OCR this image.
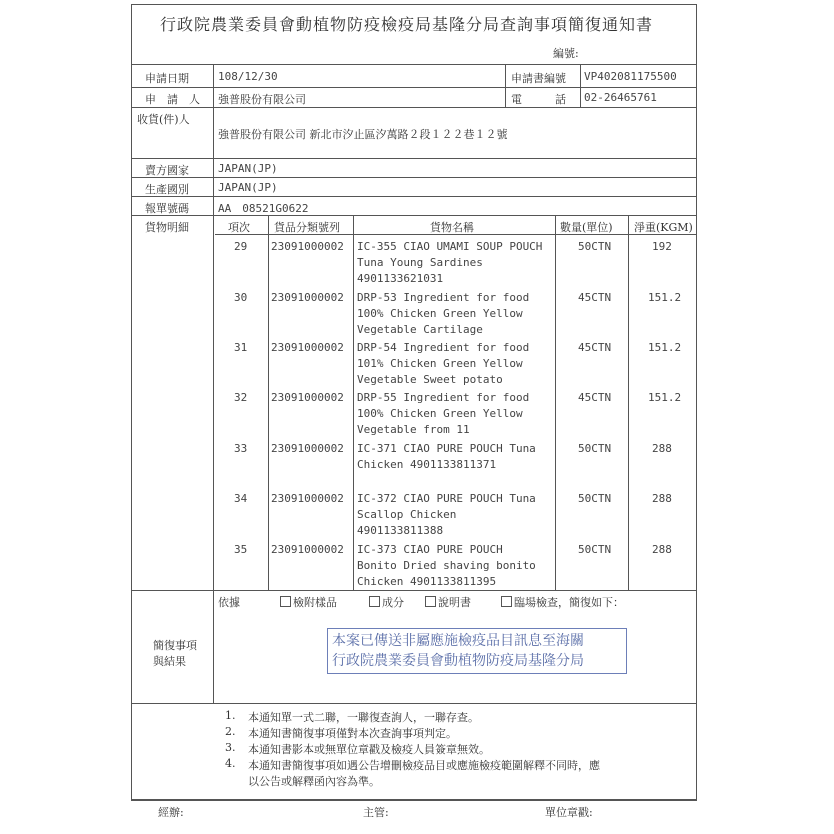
行政院農業委員會動植物防疫檢疫局基隆分局查詢事項簡復通知書
編號:
申請日期	108/12/30	申請書編號 VP402081175500
申　請　人 強普股份有限公司	電　　　話 02-26465761
收貨(件)人
強普股份有限公司 新北市汐止區汐萬路２段１２２巷１２號
賣方國家	JAPAN(JP)
生產國別	JAPAN(JP)
報單號碼	AA　08521G0622
貨物明細	項次 貨品分類號列	貨物名稱	數量(單位) 淨重(KGM)
29 23091000002 IC-355 CIAO UMAMI SOUP POUCH
Tuna Young Sardines
4901133621031
50CTN	192
30 23091000002 DRP-53 Ingredient for food
100% Chicken Green Yellow
Vegetable Cartilage
45CTN	151.2
31 23091000002 DRP-54 Ingredient for food
101% Chicken Green Yellow
Vegetable Sweet potato
45CTN	151.2
32 23091000002 DRP-55 Ingredient for food
100% Chicken Green Yellow
Vegetable from 11
45CTN	151.2
33 23091000002 IC-371 CIAO PURE POUCH Tuna
Chicken 4901133811371
50CTN	288
34 23091000002 IC-372 CIAO PURE POUCH Tuna
Scallop Chicken
4901133811388
50CTN	288
35 23091000002 IC-373 CIAO PURE POUCH
Bonito Dried shaving bonito
Chicken 4901133811395
50CTN	288
依據	檢附樣品	成分	說明書	臨場檢查，簡復如下：
簡復事項
與結果
本案已傳送非屬應施檢疫品目訊息至海關
行政院農業委員會動植物防疫局基隆分局
1. 本通知單一式二聯，一聯復查詢人，一聯存查。
2. 本通知書簡復事項僅對本次查詢事項判定。
3. 本通知書影本或無單位章戳及檢疫人員簽章無效。
4. 本通知書簡復事項如遇公告增刪檢疫品目或應施檢疫範圍解釋不同時，應
以公告或解釋函內容為準。
經辦:	主管:	單位章戳:
